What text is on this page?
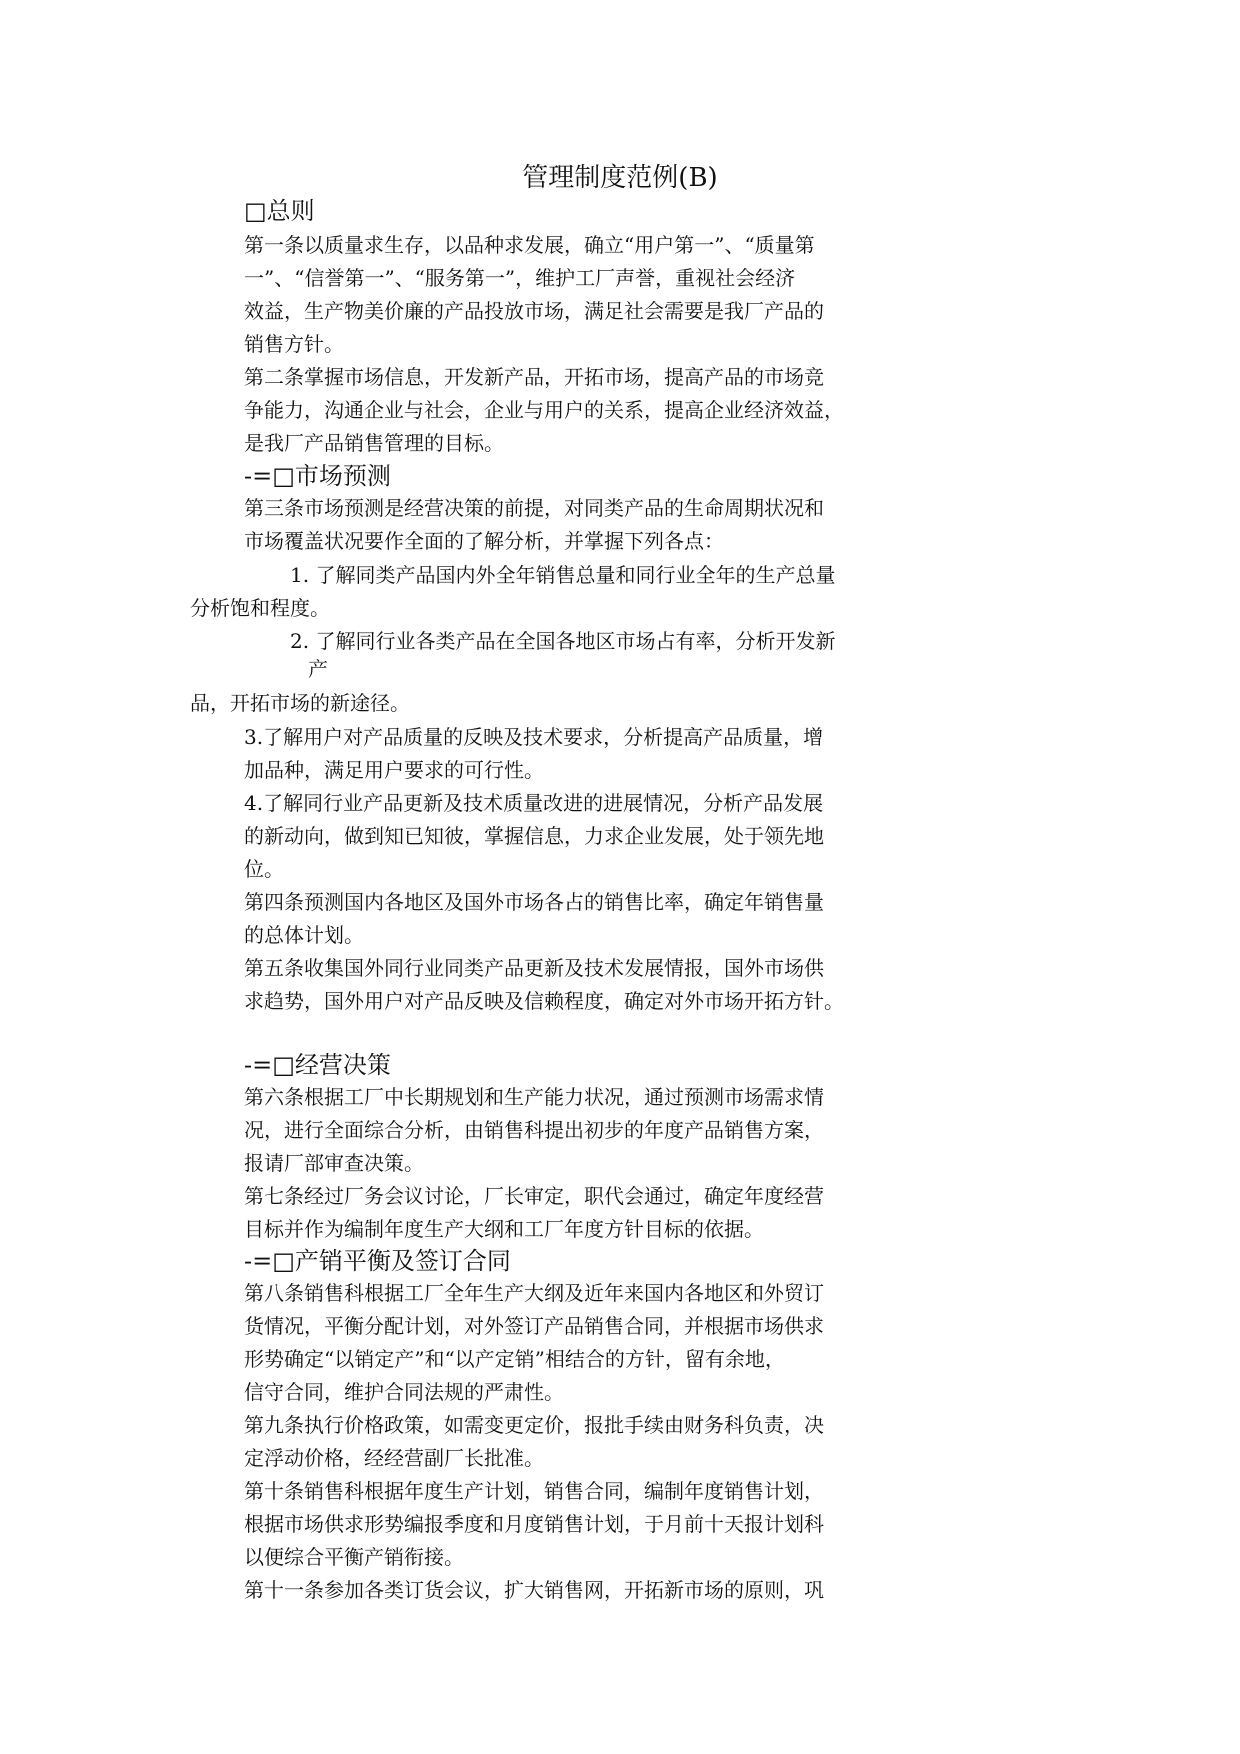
管理制度范例(B)
□总则
第一条以质量求生存，以品种求发展，确立“用户第一”、“质量第
一”、“信誉第一”、“服务第一”，维护工厂声誉，重视社会经济
效益，生产物美价廉的产品投放市场，满足社会需要是我厂产品的
销售方针。
第二条掌握市场信息，开发新产品，开拓市场，提高产品的市场竞
争能力，沟通企业与社会，企业与用户的关系，提高企业经济效益，
是我厂产品销售管理的目标。
-=□市场预测
第三条市场预测是经营决策的前提，对同类产品的生命周期状况和
市场覆盖状况要作全面的了解分析，并掌握下列各点：
1. 了解同类产品国内外全年销售总量和同行业全年的生产总量
分析饱和程度。
2. 了解同行业各类产品在全国各地区市场占有率，分析开发新
产
品，开拓市场的新途径。
3.了解用户对产品质量的反映及技术要求，分析提高产品质量，增
加品种，满足用户要求的可行性。
4.了解同行业产品更新及技术质量改进的进展情况，分析产品发展
的新动向，做到知已知彼，掌握信息，力求企业发展，处于领先地
位。
第四条预测国内各地区及国外市场各占的销售比率，确定年销售量
的总体计划。
第五条收集国外同行业同类产品更新及技术发展情报，国外市场供
求趋势，国外用户对产品反映及信赖程度，确定对外市场开拓方针。
-=□经营决策
第六条根据工厂中长期规划和生产能力状况，通过预测市场需求情
况，进行全面综合分析，由销售科提出初步的年度产品销售方案，
报请厂部审查决策。
第七条经过厂务会议讨论，厂长审定，职代会通过，确定年度经营
目标并作为编制年度生产大纲和工厂年度方针目标的依据。
-=□产销平衡及签订合同
第八条销售科根据工厂全年生产大纲及近年来国内各地区和外贸订
货情况，平衡分配计划，对外签订产品销售合同，并根据市场供求
形势确定“以销定产”和“以产定销”相结合的方针，留有余地，
信守合同，维护合同法规的严肃性。
第九条执行价格政策，如需变更定价，报批手续由财务科负责，决
定浮动价格，经经营副厂长批准。
第十条销售科根据年度生产计划，销售合同，编制年度销售计划，
根据市场供求形势编报季度和月度销售计划，于月前十天报计划科
以便综合平衡产销衔接。
第十一条参加各类订货会议，扩大销售网，开拓新市场的原则，巩
